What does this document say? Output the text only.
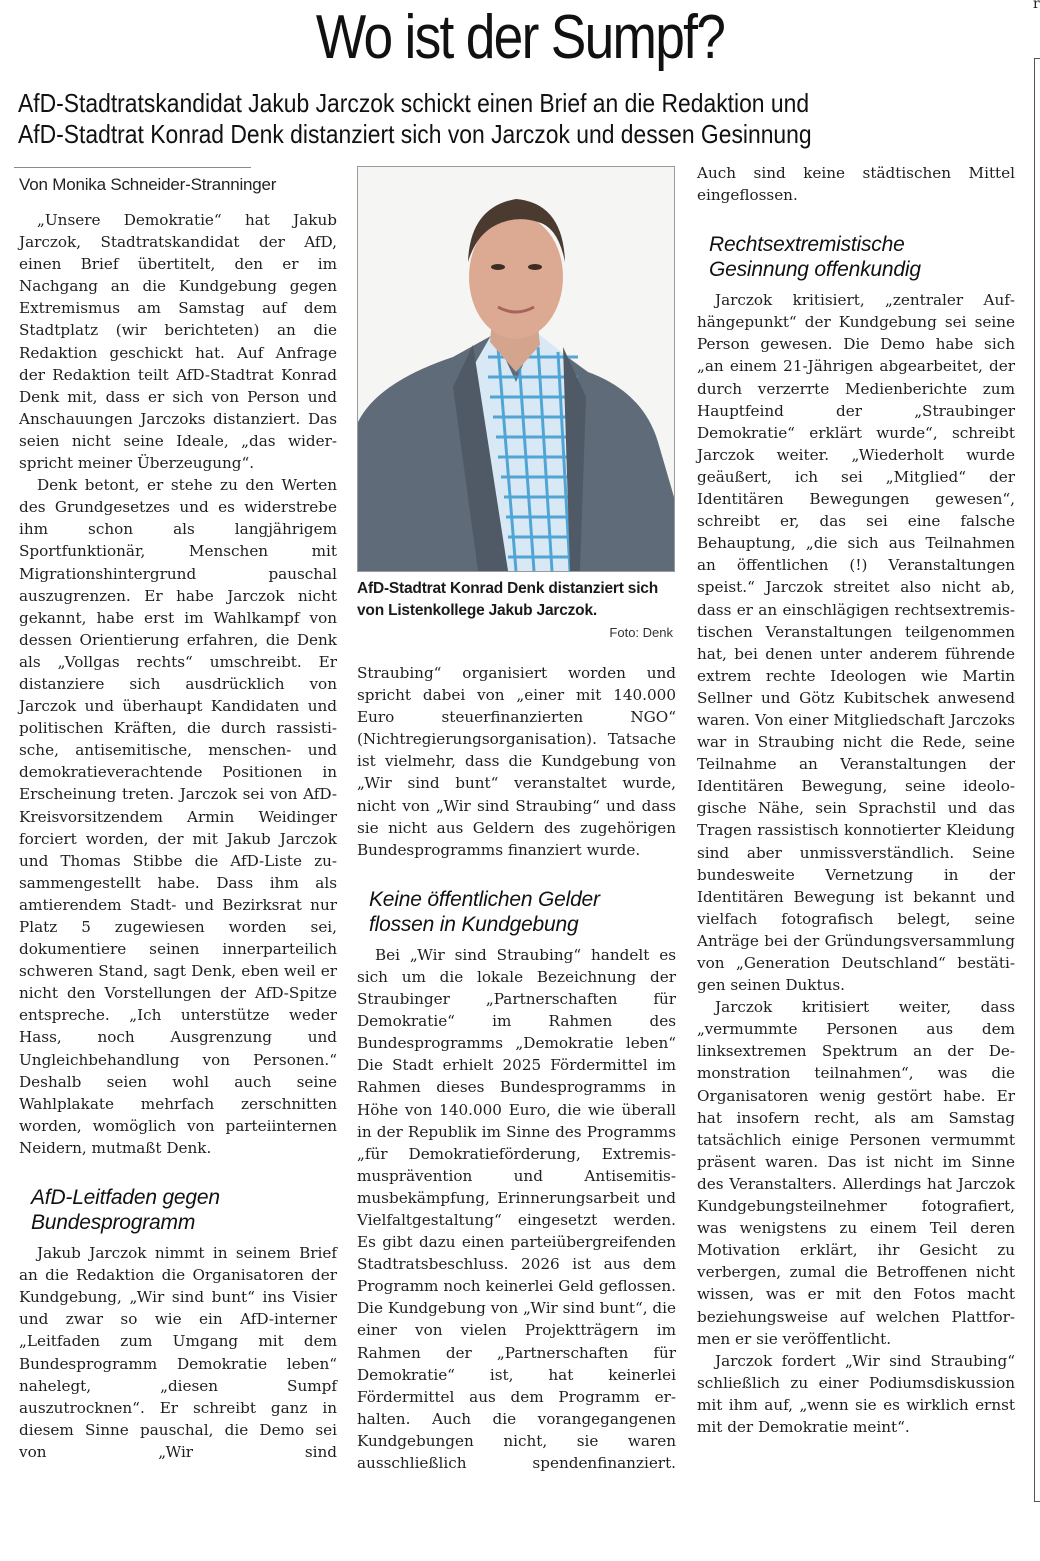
Wo ist der Sumpf?
AfD-Stadtratskandidat Jakub Jarczok schickt einen Brief an die Redaktion und
AfD-Stadtrat Konrad Denk distanziert sich von Jarczok und dessen Gesinnung
r
Von Monika Schneider-Stranninger

„Unsere Demokratie“ hat Jakub Jarczok, Stadtratskandidat der AfD, einen Brief übertitelt, den er im Nachgang an die Kundgebung gegen Extremismus am Samstag auf dem Stadtplatz (wir berichteten) an die Redaktion geschickt hat. Auf Anfrage der Redaktion teilt AfD-Stadtrat Konrad Denk mit, dass er sich von Person und Anschauungen Jarczoks distanziert. Das seien nicht seine Ideale, „das widerspricht meiner Überzeugung“.

Denk betont, er stehe zu den Werten des Grundgesetzes und es widerstrebe ihm schon als langjährigem Sportfunktionär, Menschen mit Migrationshintergrund pauschal auszugrenzen. Er habe Jarczok nicht gekannt, habe erst im Wahlkampf von dessen Orientierung erfahren, die Denk als „Vollgas rechts“ umschreibt. Er distanziere sich ausdrücklich von Jarczok und überhaupt Kandidaten und politischen Kräften, die durch rassistische, antisemitische, menschen- und demokratieverachtende Positionen in Erscheinung treten. Jarczok sei von AfD-Kreisvorsitzendem Armin Weidinger forciert worden, der mit Jakub Jarczok und Thomas Stibbe die AfD-Liste zusammengestellt habe. Dass ihm als amtierendem Stadt- und Bezirksrat nur Platz 5 zugewiesen worden sei, dokumentiere seinen innerparteilich schweren Stand, sagt Denk, eben weil er nicht den Vorstellungen der AfD-Spitze entspreche. „Ich unterstütze weder Hass, noch Ausgrenzung und Ungleichbehandlung von Personen.“ Deshalb seien wohl auch seine Wahlplakate mehrfach zerschnitten worden, womöglich von parteiinternen Neidern, mutmaßt Denk.

AfD-Leitfaden gegen Bundesprogramm

Jakub Jarczok nimmt in seinem Brief an die Redaktion die Organisatoren der Kundgebung, „Wir sind bunt“ ins Visier und zwar so wie ein AfD-interner „Leitfaden zum Umgang mit dem Bundesprogramm Demokratie leben“ nahelegt, „diesen Sumpf auszutrocknen“. Er schreibt ganz in diesem Sinne pauschal, die Demo sei von „Wir sind

AfD-Stadtrat Konrad Denk distanziert sich von Listenkollege Jakub Jarczok.
Foto: Denk

Straubing“ organisiert worden und spricht dabei von „einer mit 140.000 Euro steuerfinanzierten NGO“ (Nichtregierungsorganisation). Tatsache ist vielmehr, dass die Kundgebung von „Wir sind bunt“ veranstaltet wurde, nicht von „Wir sind Straubing“ und dass sie nicht aus Geldern des zugehörigen Bundesprogramms finanziert wurde.

Keine öffentlichen Gelder flossen in Kundgebung

Bei „Wir sind Straubing“ handelt es sich um die lokale Bezeichnung der Straubinger „Partnerschaften für Demokratie“ im Rahmen des Bundesprogramms „Demokratie leben“ Die Stadt erhielt 2025 Fördermittel im Rahmen dieses Bundesprogramms in Höhe von 140.000 Euro, die wie überall in der Republik im Sinne des Programms „für Demokratieförderung, Extremismusprävention und Antisemitismusbekämpfung, Erinnerungsarbeit und Vielfaltgestaltung“ eingesetzt werden. Es gibt dazu einen parteiübergreifenden Stadtratsbeschluss. 2026 ist aus dem Programm noch keinerlei Geld geflossen. Die Kundgebung von „Wir sind bunt“, die einer von vielen Projektträgern im Rahmen der „Partnerschaften für Demokratie“ ist, hat keinerlei Fördermittel aus dem Programm erhalten. Auch die vorangegangenen Kundgebungen nicht, sie waren ausschließlich spendenfinanziert.

Auch sind keine städtischen Mittel eingeflossen.

Rechtsextremistische Gesinnung offenkundig

Jarczok kritisiert, „zentraler Aufhängepunkt“ der Kundgebung sei seine Person gewesen. Die Demo habe sich „an einem 21-Jährigen abgearbeitet, der durch verzerrte Medienberichte zum Hauptfeind der „Straubinger Demokratie“ erklärt wurde“, schreibt Jarczok weiter. „Wiederholt wurde geäußert, ich sei „Mitglied“ der Identitären Bewegungen gewesen“, schreibt er, das sei eine falsche Behauptung, „die sich aus Teilnahmen an öffentlichen (!) Veranstaltungen speist.“ Jarczok streitet also nicht ab, dass er an einschlägigen rechtsextremistischen Veranstaltungen teilgenommen hat, bei denen unter anderem führende extrem rechte Ideologen wie Martin Sellner und Götz Kubitschek anwesend waren. Von einer Mitgliedschaft Jarczoks war in Straubing nicht die Rede, seine Teilnahme an Veranstaltungen der Identitären Bewegung, seine ideologische Nähe, sein Sprachstil und das Tragen rassistisch konnotierter Kleidung sind aber unmissverständlich. Seine bundesweite Vernetzung in der Identitären Bewegung ist bekannt und vielfach fotografisch belegt, seine Anträge bei der Gründungsversammlung von „Generation Deutschland“ bestätigen seinen Duktus.

Jarczok kritisiert weiter, dass „vermummte Personen aus dem linksextremen Spektrum an der Demonstration teilnahmen“, was die Organisatoren wenig gestört habe. Er hat insofern recht, als am Samstag tatsächlich einige Personen vermummt präsent waren. Das ist nicht im Sinne des Veranstalters. Allerdings hat Jarczok Kundgebungsteilnehmer fotografiert, was wenigstens zu einem Teil deren Motivation erklärt, ihr Gesicht zu verbergen, zumal die Betroffenen nicht wissen, was er mit den Fotos macht beziehungsweise auf welchen Plattformen er sie veröffentlicht.

Jarczok fordert „Wir sind Straubing“ schließlich zu einer Podiumsdiskussion mit ihm auf, „wenn sie es wirklich ernst mit der Demokratie meint“.
